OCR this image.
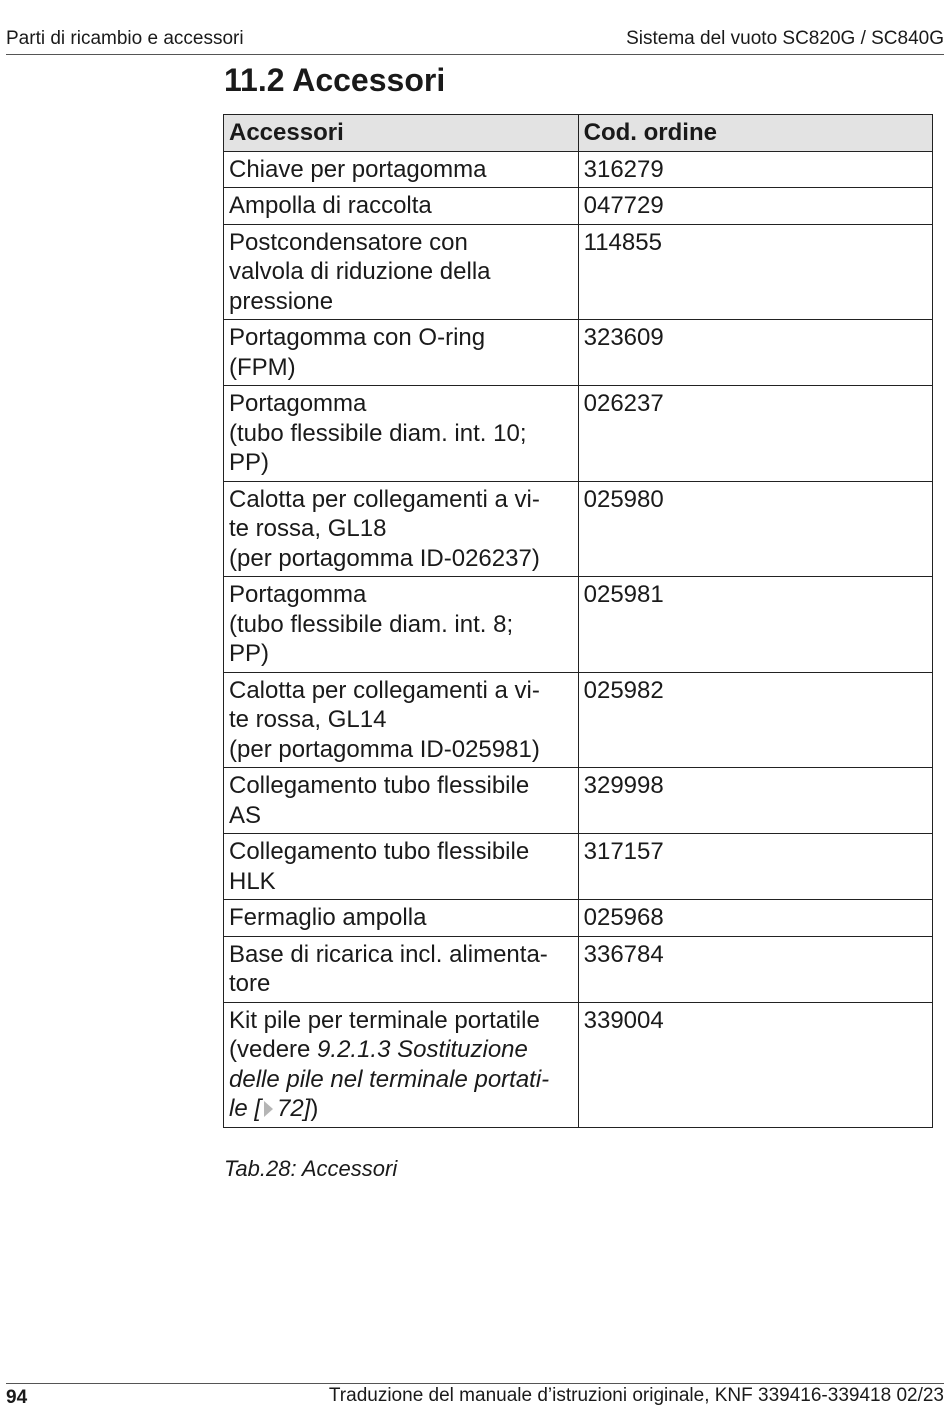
Parti di ricambio e accessori	Sistema del vuoto SC820G / SC840G
11.2 Accessori
Accessori	Cod. ordine
Chiave per portagomma	316279
Ampolla di raccolta	047729
Postcondensatore con
valvola di riduzione della
pressione	114855
Portagomma con O-ring
(FPM)	323609
Portagomma
(tubo flessibile diam. int. 10;
PP)	026237
Calotta per collegamenti a vi-
te rossa, GL18
(per portagomma ID-026237)	025980
Portagomma
(tubo flessibile diam. int. 8;
PP)	025981
Calotta per collegamenti a vi-
te rossa, GL14
(per portagomma ID-025981)	025982
Collegamento tubo flessibile
AS	329998
Collegamento tubo flessibile
HLK	317157
Fermaglio ampolla	025968
Base di ricarica incl. alimenta-
tore	336784
Kit pile per terminale portatile
(vedere 9.2.1.3 Sostituzione
delle pile nel terminale portati-
le [ 72])	339004
Tab.28: Accessori
94	Traduzione del manuale d’istruzioni originale, KNF 339416-339418 02/23
